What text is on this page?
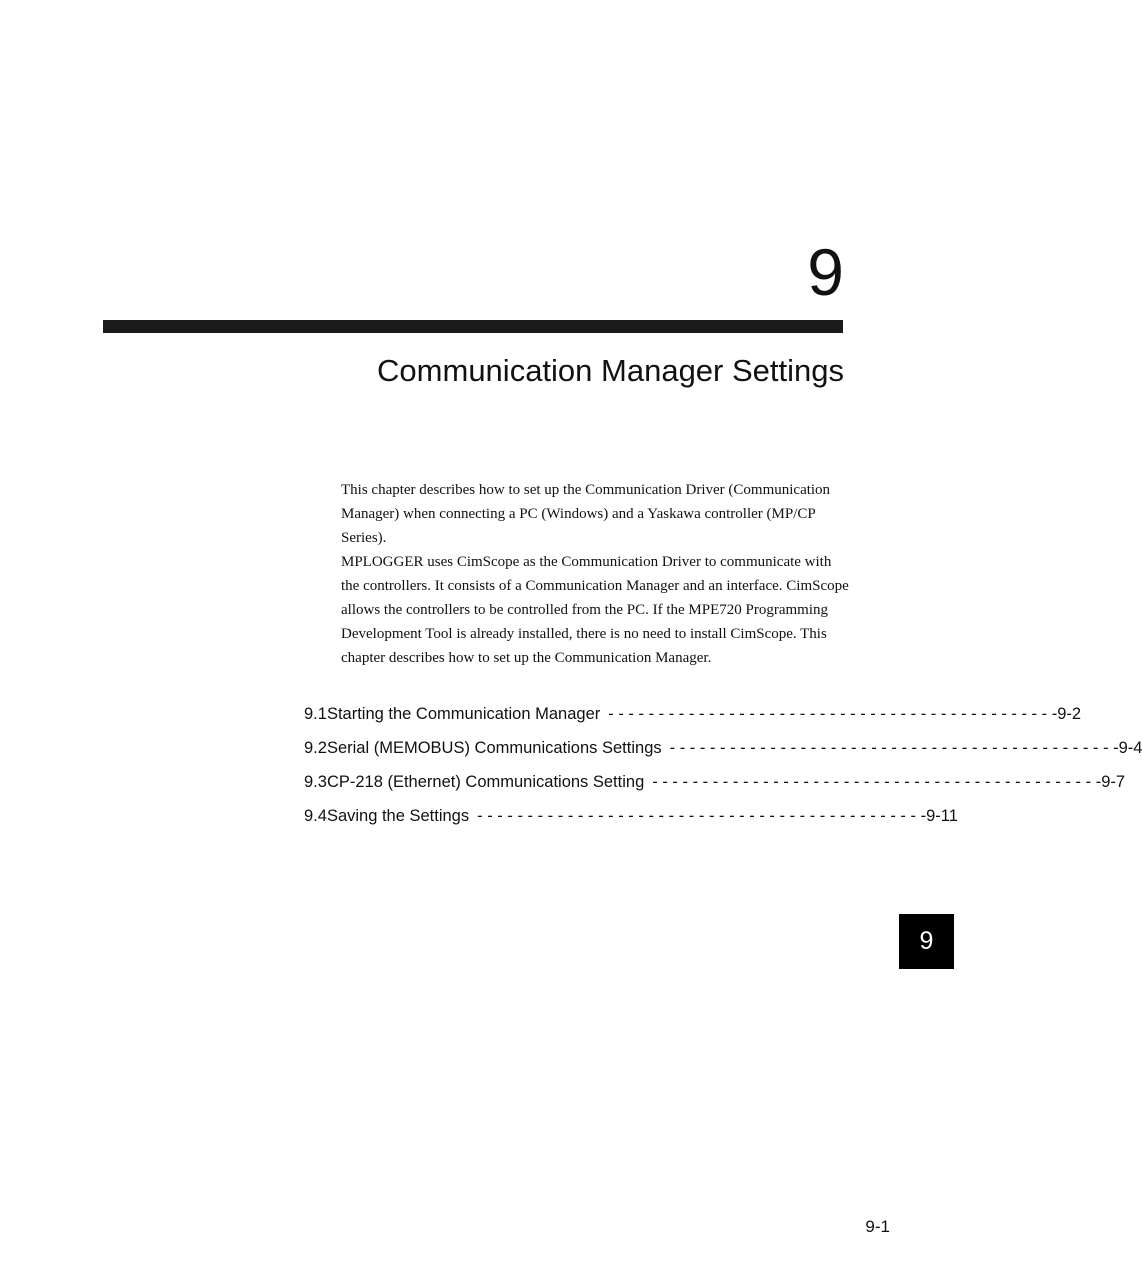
9
Communication Manager Settings

This chapter describes how to set up the Communication Driver (Communication Manager) when connecting a PC (Windows) and a Yaskawa controller (MP/CP Series).

MPLOGGER uses CimScope as the Communication Driver to communicate with the controllers. It consists of a Communication Manager and an interface. CimScope allows the controllers to be controlled from the PC. If the MPE720 Programming Development Tool is already installed, there is no need to install CimScope. This chapter describes how to set up the Communication Manager.

9.1 Starting the Communication Manager - - - - - - - - - - - - - - - - - - - - - - - - - - - - - - - - - - - - - - - - - - - - - 9-2
9.2 Serial (MEMOBUS) Communications Settings - - - - - - - - - - - - - - - - - - - - - - - - - - - - - - - - - - - - - - - - - - - - - 9-4
9.3 CP-218 (Ethernet) Communications Setting - - - - - - - - - - - - - - - - - - - - - - - - - - - - - - - - - - - - - - - - - - - - - 9-7
9.4 Saving the Settings - - - - - - - - - - - - - - - - - - - - - - - - - - - - - - - - - - - - - - - - - - - - - 9-11
9
9-1
